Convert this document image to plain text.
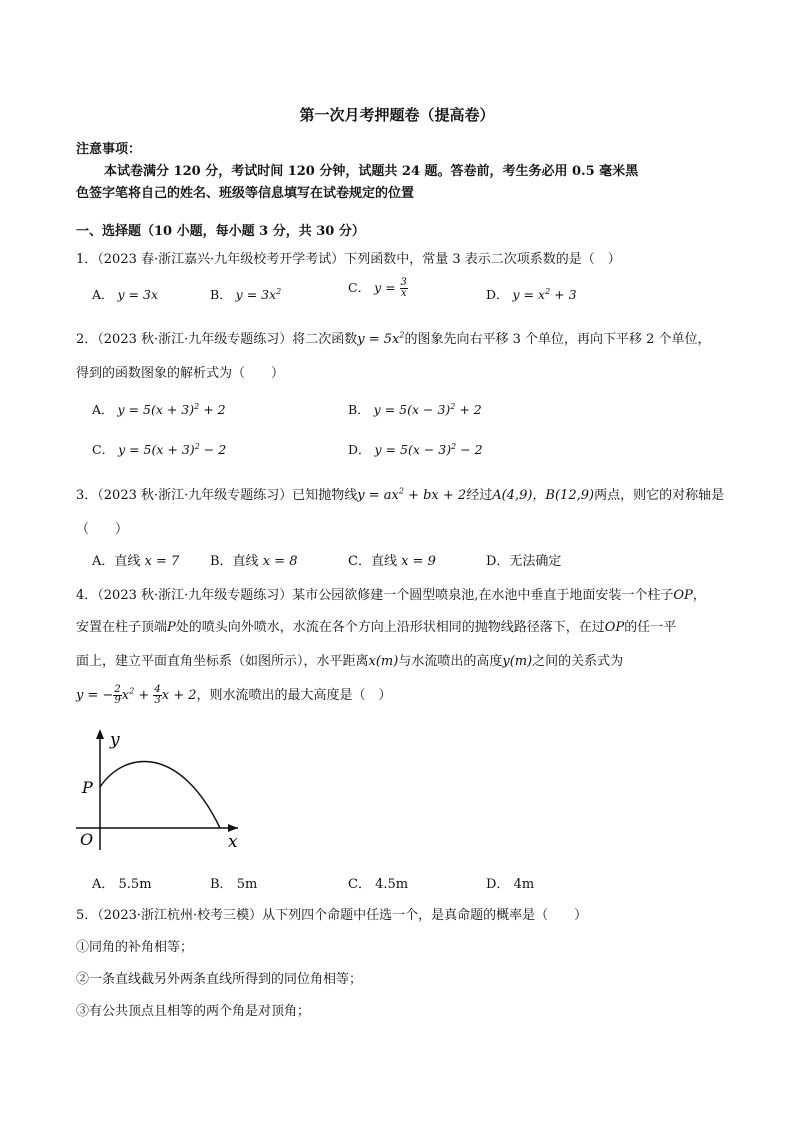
第一次月考押题卷（提高卷）
注意事项：
本试卷满分 120 分，考试时间 120 分钟，试题共 24 题。答卷前，考生务必用 0.5 毫米黑
色签字笔将自己的姓名、班级等信息填写在试卷规定的位置
一、选择题（10 小题，每小题 3 分，共 30 分）
1．（2023 春·浙江嘉兴·九年级校考开学考试）下列函数中，常量 3 表示二次项系数的是（　）
A． y = 3x	B． $y = 3x^2$	C． $y = \frac{3}{x}$	D． $y = x^2 + 3$
2．（2023 秋·浙江·九年级专题练习）将二次函数$y = 5x^2$的图象先向右平移 3 个单位，再向下平移 2 个单位，
得到的函数图象的解析式为（　　）
A． $y = 5(x + 3)^2 + 2$	B． $y = 5(x - 3)^2 + 2$
C． $y = 5(x + 3)^2 - 2$	D． $y = 5(x - 3)^2 - 2$
3．（2023 秋·浙江·九年级专题练习）已知抛物线$y = ax^2$ + bx + 2经过A(4,9)，B(12,9)两点，则它的对称轴是
（　　）
A．直线 x = 7 B．直线 x = 8	C．直线 x = 9	D．无法确定
4．（2023 秋·浙江·九年级专题练习）某市公园欲修建一个圆型喷泉池,在水池中垂直于地面安装一个柱子OP，
安置在柱子顶端P处的喷头向外喷水，水流在各个方向上沿形状相同的抛物线路径落下，在过OP的任一平
面上，建立平面直角坐标系（如图所示），水平距离x(m)与水流喷出的高度y(m)之间的关系式为
y = − $\frac{2}{9} x^2 + \frac{4}{3}$ x + 2，则水流喷出的最大高度是（　）
y
P
O	x
A． 5.5m	B． 5m	C． 4.5m	D． 4m
5．（2023·浙江杭州·校考三模）从下列四个命题中任选一个，是真命题的概率是（　　）
①同角的补角相等；
②一条直线截另外两条直线所得到的同位角相等；
③有公共顶点且相等的两个角是对顶角；
